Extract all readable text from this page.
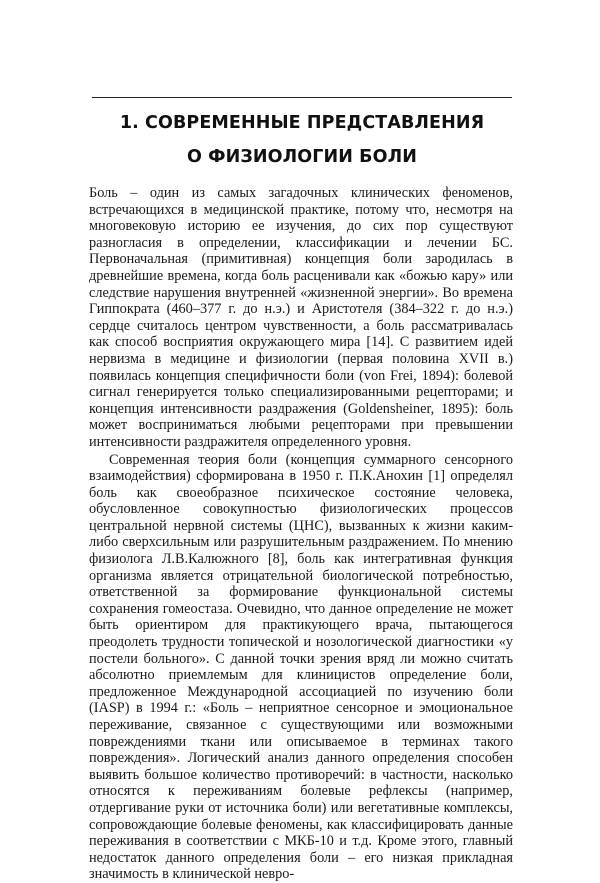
1. СОВРЕМЕННЫЕ ПРЕДСТАВЛЕНИЯ
О ФИЗИОЛОГИИ БОЛИ

Боль – один из самых загадочных клинических феноменов, встречающихся в медицинской практике, потому что, несмотря на многовековую историю ее изучения, до сих пор существуют разногласия в определении, классификации и лечении БС. Первоначальная (примитивная) концепция боли зародилась в древнейшие времена, когда боль расценивали как «божью кару» или следствие нарушения внутренней «жизненной энергии». Во времена Гиппократа (460–377 г. до н.э.) и Аристотеля (384–322 г. до н.э.) сердце считалось центром чувственности, а боль рассматривалась как способ восприятия окружающего мира [14]. С развитием идей нервизма в медицине и физиологии (первая половина XVII в.) появилась концепция специфичности боли (von Frei, 1894): болевой сигнал генерируется только специализированными рецепторами; и концепция интенсивности раздражения (Goldensheiner, 1895): боль может восприниматься любыми рецепторами при превышении интенсивности раздражителя определенного уровня.

Современная теория боли (концепция суммарного сенсорного взаимодействия) сформирована в 1950 г. П.К.Анохин [1] определял боль как своеобразное психическое состояние человека, обусловленное совокупностью физиологических процессов центральной нервной системы (ЦНС), вызванных к жизни каким-либо сверхсильным или разрушительным раздражением. По мнению физиолога Л.В.Калюжного [8], боль как интегративная функция организма является отрицательной биологической потребностью, ответственной за формирование функциональной системы сохранения гомеостаза. Очевидно, что данное определение не может быть ориентиром для практикующего врача, пытающегося преодолеть трудности топической и нозологической диагностики «у постели больного». С данной точки зрения вряд ли можно считать абсолютно приемлемым для клиницистов определение боли, предложенное Международной ассоциацией по изучению боли (IASP) в 1994 г.: «Боль – неприятное сенсорное и эмоциональное переживание, связанное с существующими или возможными повреждениями ткани или описываемое в терминах такого повреждения». Логический анализ данного определения способен выявить большое количество противоречий: в частности, насколько относятся к переживаниям болевые рефлексы (например, отдергивание руки от источника боли) или вегетативные комплексы, сопровождающие болевые феномены, как классифицировать данные переживания в соответствии с МКБ-10 и т.д. Кроме этого, главный недостаток данного определения боли – его низкая прикладная значимость в клинической невро-
